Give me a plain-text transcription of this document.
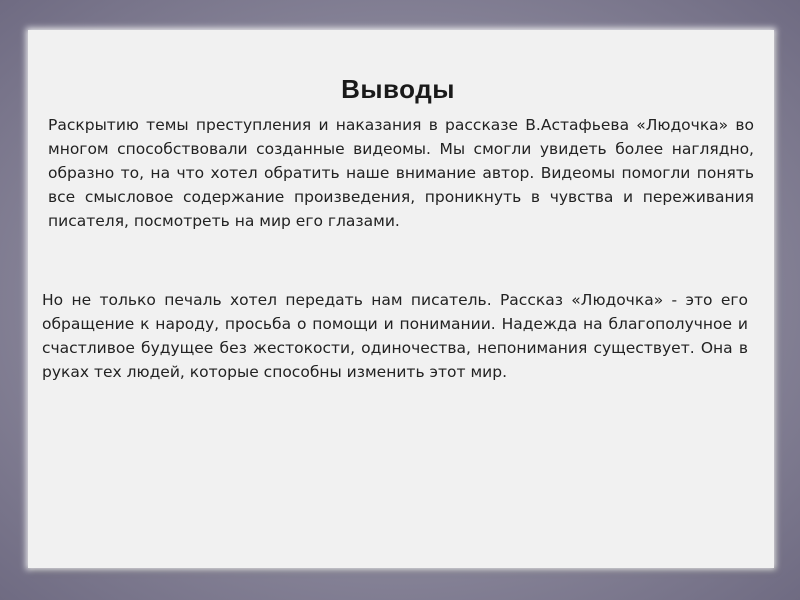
Выводы

Раскрытию темы преступления и наказания в рассказе В.Астафьева «Людочка» во многом способствовали созданные видеомы. Мы смогли увидеть более наглядно, образно то, на что хотел обратить наше внимание автор. Видеомы помогли понять все смысловое содержание произведения, проникнуть в чувства и переживания писателя, посмотреть на мир его глазами.

Но не только печаль хотел передать нам писатель. Рассказ «Людочка» - это его обращение к народу, просьба о помощи и понимании. Надежда на благополучное и счастливое будущее без жестокости, одиночества, непонимания существует. Она в руках тех людей, которые способны изменить этот мир.
